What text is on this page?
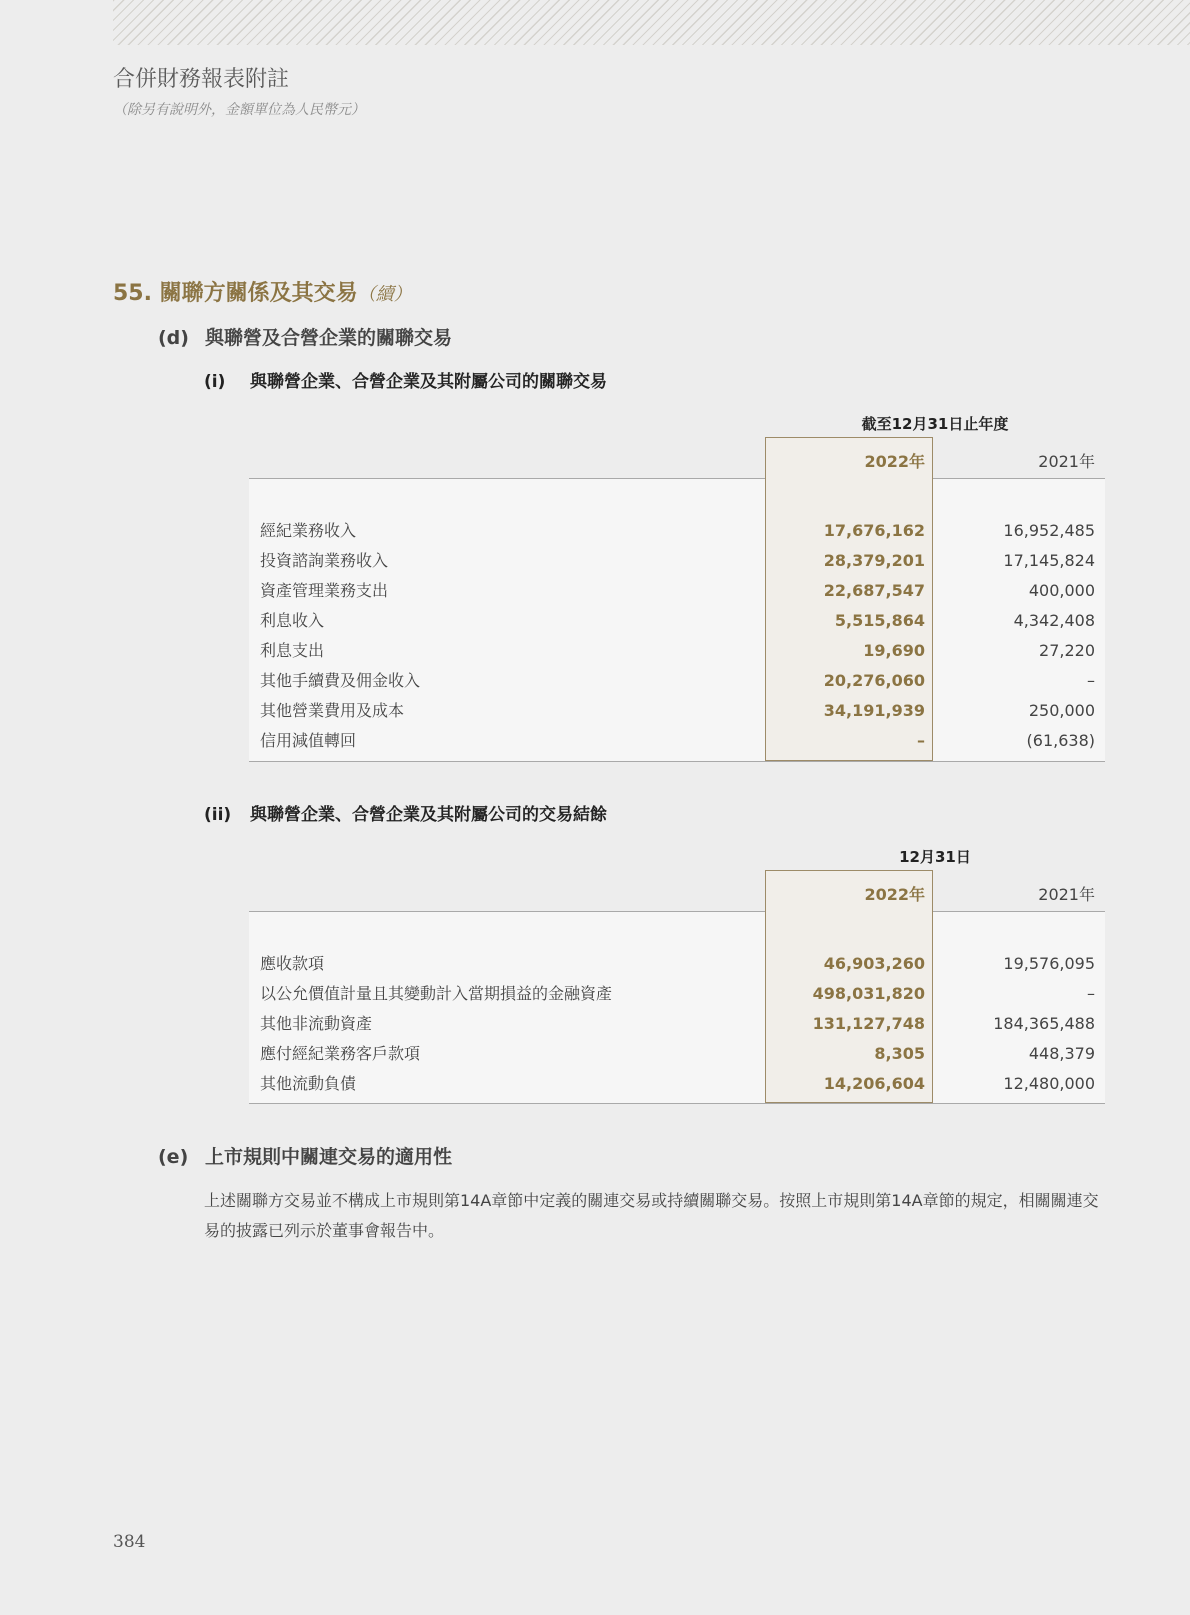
合併財務報表附註
（除另有說明外，金額單位為人民幣元）
55. 關聯方關係及其交易（續）
(d) 與聯營及合營企業的關聯交易
(i) 與聯營企業、合營企業及其附屬公司的關聯交易
截至12月31日止年度
2022年	2021年
經紀業務收入	17,676,162	16,952,485
投資諮詢業務收入	28,379,201	17,145,824
資產管理業務支出	22,687,547	400,000
利息收入	5,515,864	4,342,408
利息支出	19,690	27,220
其他手續費及佣金收入	20,276,060	–
其他營業費用及成本	34,191,939	250,000
信用減值轉回	–	(61,638)
(ii) 與聯營企業、合營企業及其附屬公司的交易結餘
12月31日
2022年	2021年
應收款項	46,903,260	19,576,095
以公允價值計量且其變動計入當期損益的金融資產	498,031,820	–
其他非流動資產	131,127,748	184,365,488
應付經紀業務客戶款項	8,305	448,379
其他流動負債	14,206,604	12,480,000
(e) 上市規則中關連交易的適用性
上述關聯方交易並不構成上市規則第14A章節中定義的關連交易或持續關聯交易。按照上市規則第14A章節的規定，相關關連交易的披露已列示於董事會報告中。
384
